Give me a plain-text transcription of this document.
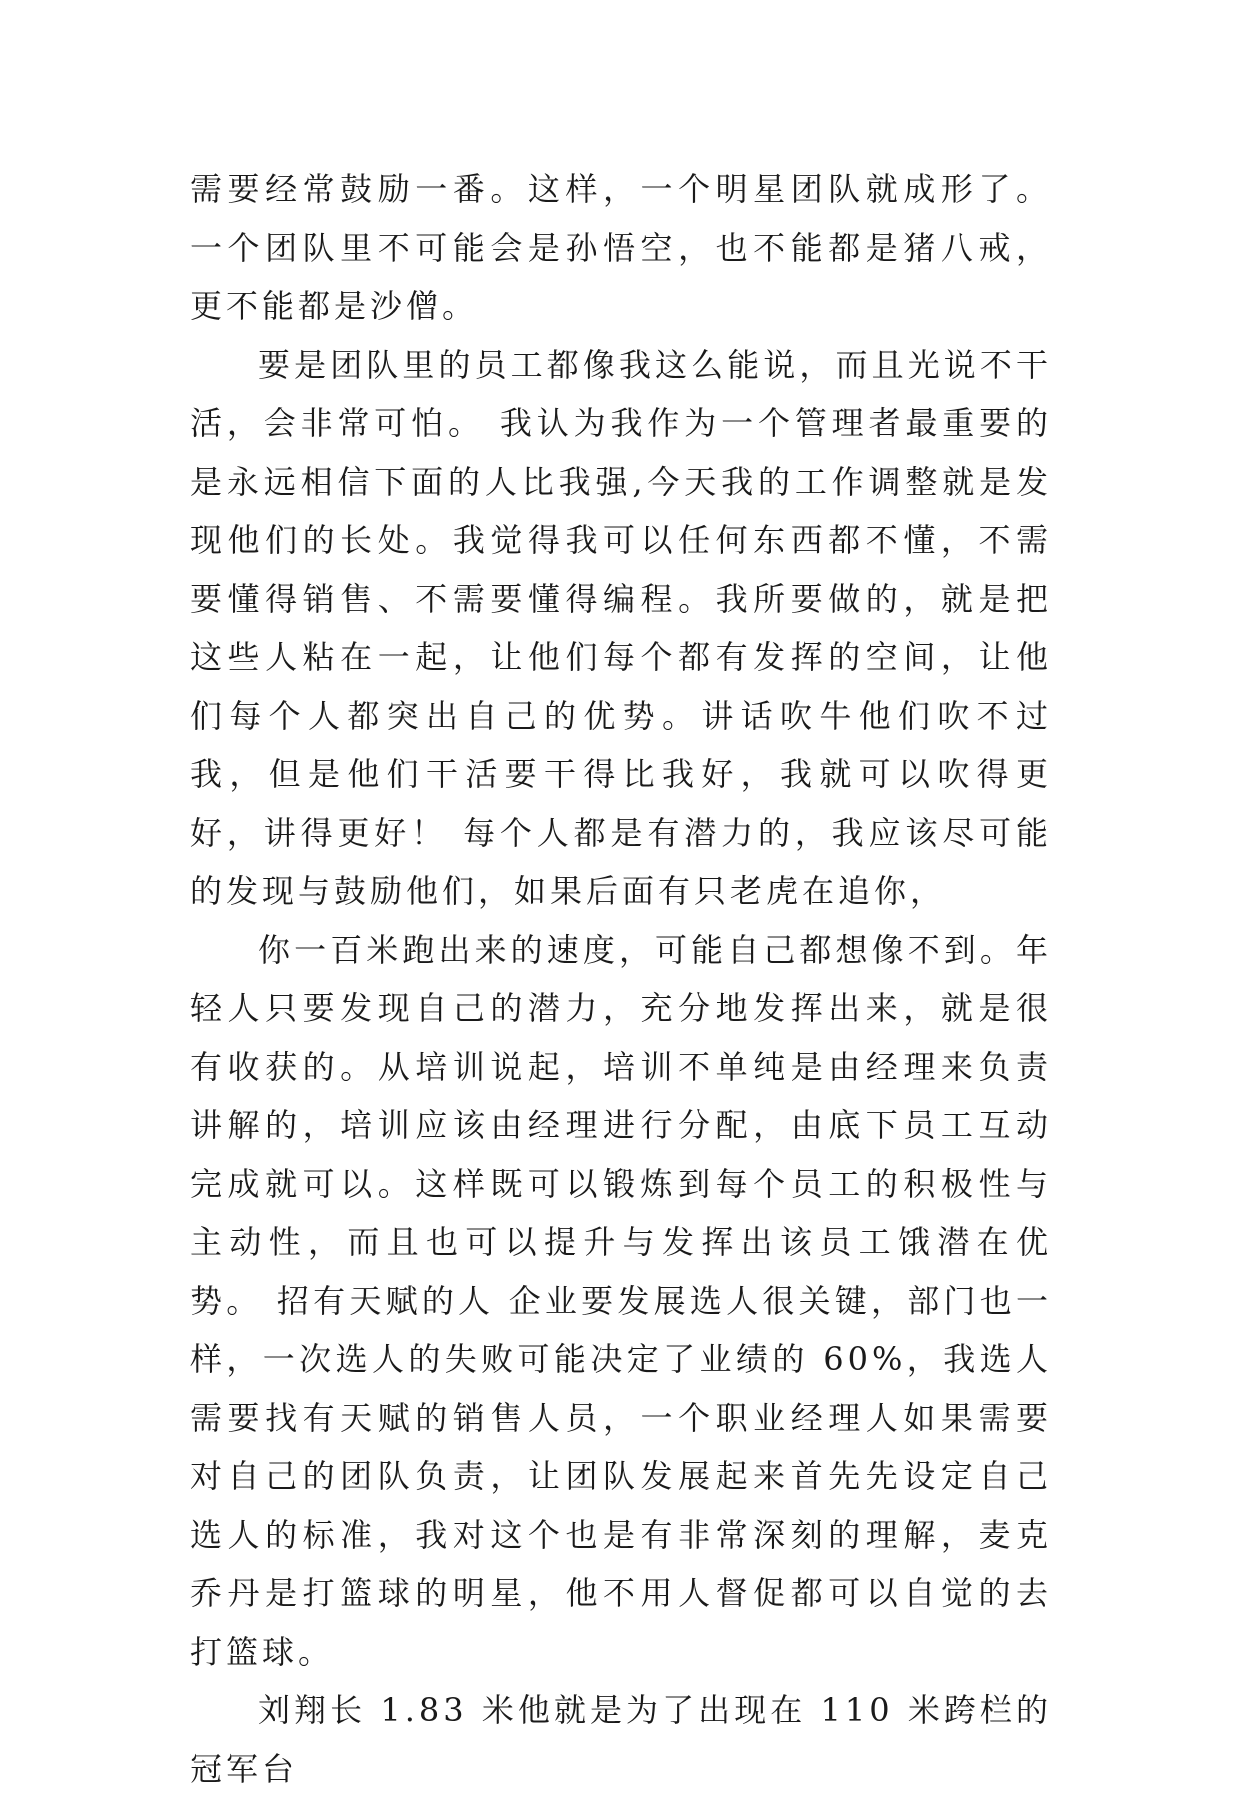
需要经常鼓励一番。这样，一个明星团队就成形了。一个团队里不可能会是孙悟空，也不能都是猪八戒，更不能都是沙僧。

要是团队里的员工都像我这么能说，而且光说不干活，会非常可怕。 我认为我作为一个管理者最重要的是永远相信下面的人比我强,今天我的工作调整就是发现他们的长处。我觉得我可以任何东西都不懂，不需要懂得销售、不需要懂得编程。我所要做的，就是把这些人粘在一起，让他们每个都有发挥的空间，让他们每个人都突出自己的优势。讲话吹牛他们吹不过我，但是他们干活要干得比我好，我就可以吹得更好，讲得更好！ 每个人都是有潜力的，我应该尽可能的发现与鼓励他们，如果后面有只老虎在追你，

你一百米跑出来的速度，可能自己都想像不到。年轻人只要发现自己的潜力，充分地发挥出来，就是很有收获的。从培训说起，培训不单纯是由经理来负责讲解的，培训应该由经理进行分配，由底下员工互动完成就可以。这样既可以锻炼到每个员工的积极性与主动性，而且也可以提升与发挥出该员工饿潜在优势。 招有天赋的人 企业要发展选人很关键，部门也一样，一次选人的失败可能决定了业绩的 60%，我选人需要找有天赋的销售人员，一个职业经理人如果需要对自己的团队负责，让团队发展起来首先先设定自己选人的标准，我对这个也是有非常深刻的理解，麦克乔丹是打篮球的明星，他不用人督促都可以自觉的去打篮球。

刘翔长 1.83 米他就是为了出现在 110 米跨栏的冠军台
